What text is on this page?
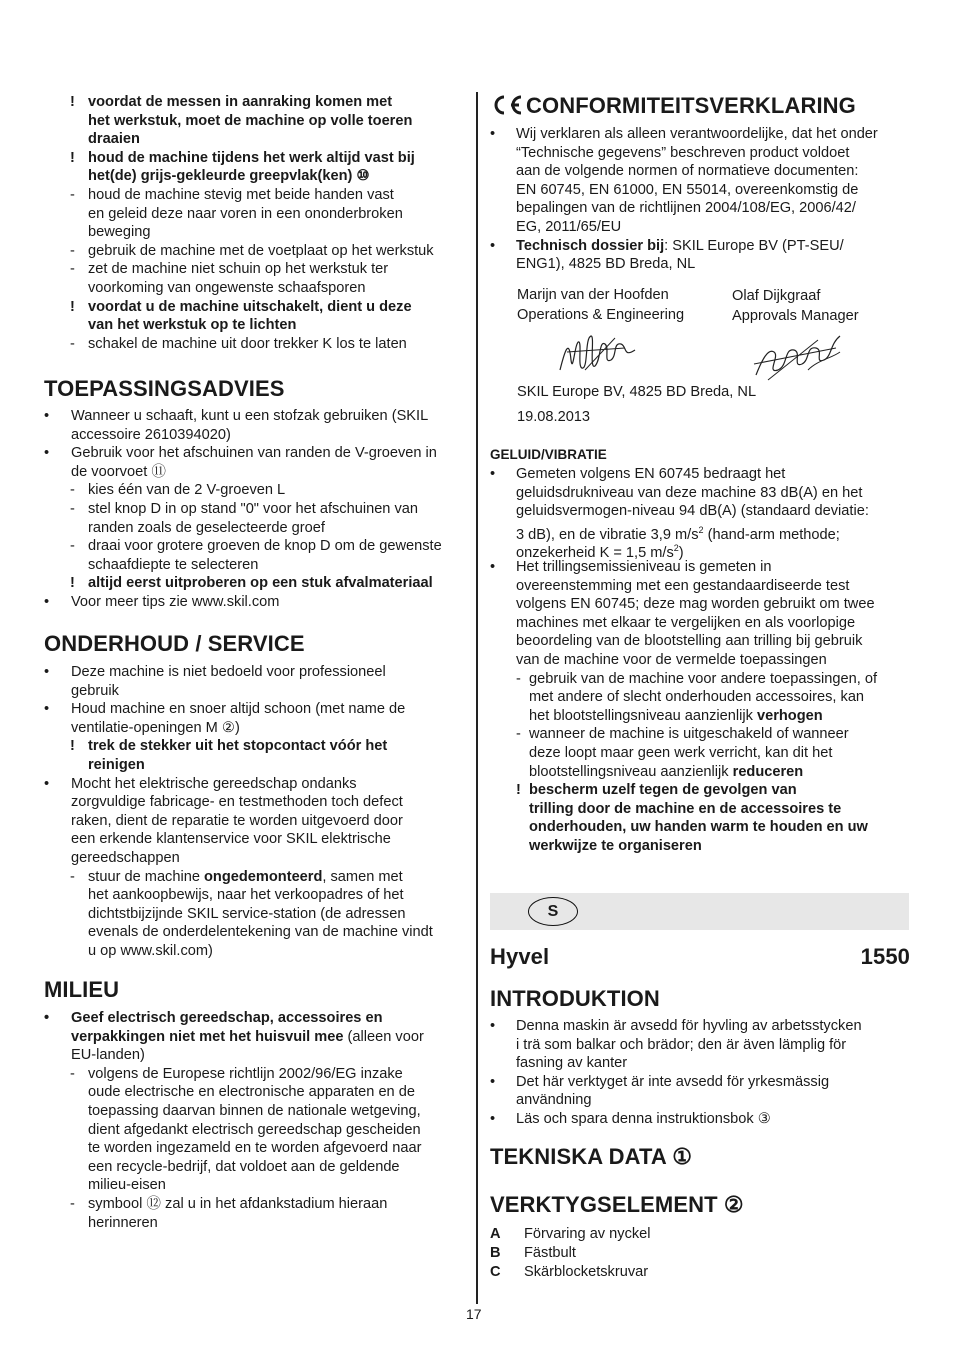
! voordat de messen in aanraking komen met
het werkstuk, moet de machine op volle toeren
draaien
! houd de machine tijdens het werk altijd vast bij
het(de) grijs-gekleurde greepvlak(ken) ⑩
- houd de machine stevig met beide handen vast
en geleid deze naar voren in een ononderbroken
beweging
- gebruik de machine met de voetplaat op het werkstuk
- zet de machine niet schuin op het werkstuk ter
voorkoming van ongewenste schaafsporen
! voordat u de machine uitschakelt, dient u deze
van het werkstuk op te lichten
- schakel de machine uit door trekker K los te laten
TOEPASSINGSADVIES
•	Wanneer u schaaft, kunt u een stofzak gebruiken (SKIL
accessoire 2610394020)
•	Gebruik voor het afschuinen van randen de V-groeven in
de voorvoet ⑪
- kies één van de 2 V-groeven L
- stel knop D in op stand "0" voor het afschuinen van
randen zoals de geselecteerde groef
- draai voor grotere groeven de knop D om de gewenste
schaafdiepte te selecteren
! altijd eerst uitproberen op een stuk afvalmateriaal
•	Voor meer tips zie www.skil.com
ONDERHOUD / SERVICE
•	Deze machine is niet bedoeld voor professioneel
gebruik
•	Houd machine en snoer altijd schoon (met name de
ventilatie-openingen M ②)
! trek de stekker uit het stopcontact vóór het
reinigen
•	Mocht het elektrische gereedschap ondanks
zorgvuldige fabricage- en testmethoden toch defect
raken, dient de reparatie te worden uitgevoerd door
een erkende klantenservice voor SKIL elektrische
gereedschappen
- stuur de machine ongedemonteerd, samen met
het aankoopbewijs, naar het verkoopadres of het
dichtstbijzijnde SKIL service-station (de adressen
evenals de onderdelentekening van de machine vindt
u op www.skil.com)
MILIEU
•	Geef electrisch gereedschap, accessoires en
verpakkingen niet met het huisvuil mee (alleen voor
EU-landen)
- volgens de Europese richtlijn 2002/96/EG inzake
oude electrische en electronische apparaten en de
toepassing daarvan binnen de nationale wetgeving,
dient afgedankt electrisch gereedschap gescheiden
te worden ingezameld en te worden afgevoerd naar
een recycle-bedrijf, dat voldoet aan de geldende
milieu-eisen
- symbool ⑫ zal u in het afdankstadium hieraan
herinneren
CONFORMITEITSVERKLARING
•	Wij verklaren als alleen verantwoordelijke, dat het onder
“Technische gegevens” beschreven product voldoet
aan de volgende normen of normatieve documenten:
EN 60745, EN 61000, EN 55014, overeenkomstig de
bepalingen van de richtlijnen 2004/108/EG, 2006/42/
EG, 2011/65/EU
•	Technisch dossier bij: SKIL Europe BV (PT-SEU/
ENG1), 4825 BD Breda, NL
Marijn van der Hoofden
Operations & Engineering
Olaf Dijkgraaf
Approvals Manager
SKIL Europe BV, 4825 BD Breda, NL
19.08.2013
GELUID/VIBRATIE
•	Gemeten volgens EN 60745 bedraagt het
geluidsdrukniveau van deze machine 83 dB(A) en het
geluidsvermogen-niveau 94 dB(A) (standaard deviatie:
3 dB), en de vibratie 3,9 $m/s^2$ (hand-arm methode;
onzekerheid K = 1,5 $m/s^2$)
•	Het trillingsemissieniveau is gemeten in
overeenstemming met een gestandaardiseerde test
volgens EN 60745; deze mag worden gebruikt om twee
machines met elkaar te vergelijken en als voorlopige
beoordeling van de blootstelling aan trilling bij gebruik
van de machine voor de vermelde toepassingen
- gebruik van de machine voor andere toepassingen, of
met andere of slecht onderhouden accessoires, kan
het blootstellingsniveau aanzienlijk verhogen
- wanneer de machine is uitgeschakeld of wanneer
deze loopt maar geen werk verricht, kan dit het
blootstellingsniveau aanzienlijk reduceren
! bescherm uzelf tegen de gevolgen van
trilling door de machine en de accessoires te
onderhouden, uw handen warm te houden en uw
werkwijze te organiseren
Hyvel	1550
INTRODUKTION
•	Denna maskin är avsedd för hyvling av arbetsstycken
i trä som balkar och brädor; den är även lämplig för
fasning av kanter
•	Det här verktyget är inte avsedd för yrkesmässig
användning
•	Läs och spara denna instruktionsbok ③
TEKNISKA DATA ①
VERKTYGSELEMENT ②
A	Förvaring av nyckel
B	Fästbult
C	Skärblocketskruvar
S
17
